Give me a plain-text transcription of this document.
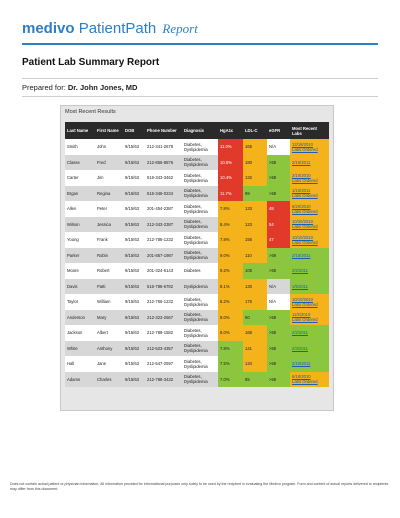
medivo PatientPath Report
Patient Lab Summary Report
Prepared for: Dr. John Jones, MD
Most Recent Results
Last Name	First Name	DOB	Phone Number	Diagnosis	HgA1c	LDL-C	eGFR	Most Recent Labs
Smith	John	9/15/63	212-341-2678	Diabetes, Dyslipidemia	11.0%	165	N/A	12/18/2010
Labs Ordered
Classe	Fred	9/15/63	212-856-8876	Diabetes, Dyslipidemia	10.0%	180	>59	2/15/2011
Carter	Jim	9/15/63	516-343-3462	Diabetes, Dyslipidemia	10.4%	132	>59	2/10/2010
Labs Ordered
Brgan	Regina	9/15/63	516-346-0234	Diabetes, Dyslipidemia	11.7%	99	>59	1/15/2011
Labs Ordered
Allen	Peter	9/15/63	201-454-2387	Diabetes, Dyslipidemia	7.8%	133	48	8/20/2010
Labs Ordered
Wilson	Jessica	9/15/63	212-343-2387	Diabetes, Dyslipidemia	8.4%	123	54	10/20/2010
Labs Ordered
Young	Frank	9/15/63	212-788-1232	Diabetes, Dyslipidemia	7.8%	156	47	10/10/2010
Labs Ordered
Parker	Robin	9/15/63	201-857-1987	Diabetes, Dyslipidemia	9.0%	110	>59	2/10/2011
Moore	Robert	9/15/63	201-324-6143	Diabetes	9.2%	105	>59	2/2/2011
Davis	Patti	9/15/63	516-788-6782	Dyslipidemia	8.1%	130	N/A	1/5/2011
Taylor	William	9/15/63	212-766-1232	Diabetes, Dyslipidemia	8.2%	176	N/A	10/10/2010
Labs Ordered
Anderson	Mary	9/15/63	212-323-2567	Diabetes, Dyslipidemia	8.0%	90	>59	11/5/2010
Labs Ordered
Jackson	Albert	9/15/63	212-788-1582	Diabetes, Dyslipidemia	8.0%	168	>59	2/2/2011
White	Anthony	9/15/63	212-523-4357	Diabetes, Dyslipidemia	7.8%	141	>59	2/3/2011
Hall	Jane	9/15/63	212-547-2597	Diabetes, Dyslipidemia	7.5%	134	>59	2/10/2011
Adams	Charles	9/15/63	212-788-3432	Diabetes, Dyslipidemia	7.0%	85	>59	6/18/2010
Labs Ordered
Does not contain actual patient or physician information. All information provided for informational purposes only solely to be used by the recipient in evaluating the Medivo program. Form and content of actual reports delivered to recipients may differ from this document.
